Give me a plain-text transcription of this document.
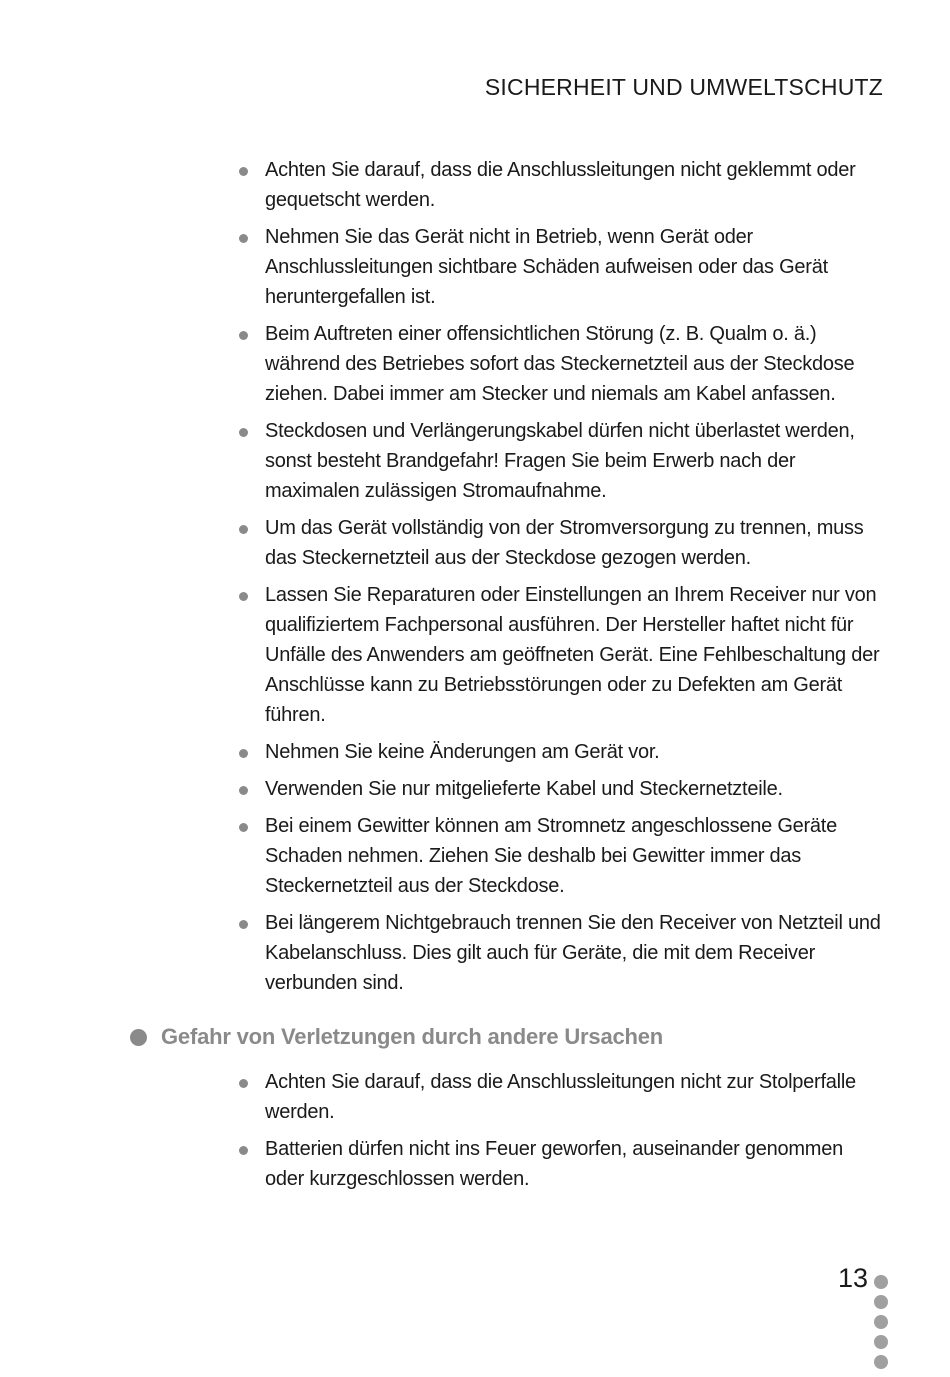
SICHERHEIT UND UMWELTSCHUTZ
Achten Sie darauf, dass die Anschlussleitungen nicht geklemmt oder gequetscht werden.
Nehmen Sie das Gerät nicht in Betrieb, wenn Gerät oder Anschlussleitungen sichtbare Schäden aufweisen oder das Gerät heruntergefallen ist.
Beim Auftreten einer offensichtlichen Störung (z. B. Qualm o. ä.) während des Betriebes sofort das Steckernetzteil aus der Steckdose ziehen. Dabei immer am Stecker und niemals am Kabel anfassen.
Steckdosen und Verlängerungskabel dürfen nicht überlastet werden, sonst besteht Brandgefahr! Fragen Sie beim Erwerb nach der maximalen zulässigen Stromaufnahme.
Um das Gerät vollständig von der Stromversorgung zu trennen, muss das Steckernetzteil aus der Steckdose gezogen werden.
Lassen Sie Reparaturen oder Einstellungen an Ihrem Receiver nur von qualifiziertem Fachpersonal ausführen. Der Hersteller haftet nicht für Unfälle des Anwenders am geöffneten Gerät. Eine Fehlbeschaltung der Anschlüsse kann zu Betriebsstörungen oder zu Defekten am Gerät führen.
Nehmen Sie keine Änderungen am Gerät vor.
Verwenden Sie nur mitgelieferte Kabel und Steckernetzteile.
Bei einem Gewitter können am Stromnetz angeschlossene Geräte Schaden nehmen. Ziehen Sie deshalb bei Gewitter immer das Steckernetzteil aus der Steckdose.
Bei längerem Nichtgebrauch trennen Sie den Receiver von Netzteil und Kabelanschluss. Dies gilt auch für Geräte, die mit dem Receiver verbunden sind.
Gefahr von Verletzungen durch andere Ursachen
Achten Sie darauf, dass die Anschlussleitungen nicht zur Stolperfalle werden.
Batterien dürfen nicht ins Feuer geworfen, auseinander genommen oder kurzgeschlossen werden.
13
